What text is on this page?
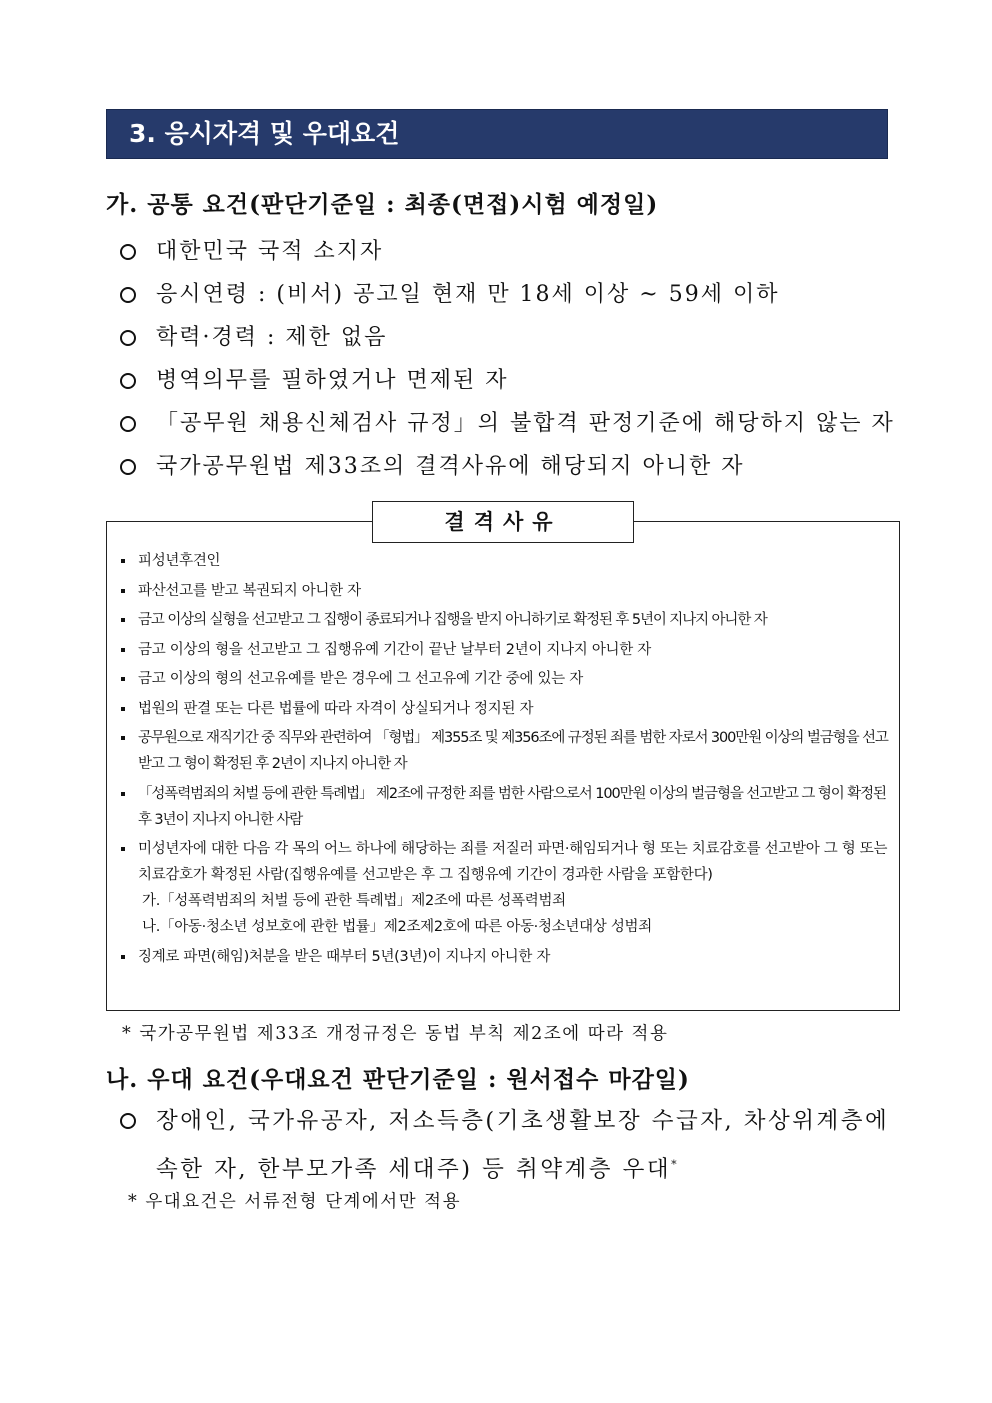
3. 응시자격 및 우대요건
가. 공통 요건(판단기준일 : 최종(면접)시험 예정일)
대한민국 국적 소지자
응시연령 : (비서) 공고일 현재 만 18세 이상 ~ 59세 이하
학력·경력 : 제한 없음
병역의무를 필하였거나 면제된 자
「공무원 채용신체검사 규정」의 불합격 판정기준에 해당하지 않는 자
국가공무원법 제33조의 결격사유에 해당되지 아니한 자
결격사유
피성년후견인
파산선고를 받고 복권되지 아니한 자
금고 이상의 실형을 선고받고 그 집행이 종료되거나 집행을 받지 아니하기로 확정된 후 5년이 지나지 아니한 자
금고 이상의 형을 선고받고 그 집행유예 기간이 끝난 날부터 2년이 지나지 아니한 자
금고 이상의 형의 선고유예를 받은 경우에 그 선고유예 기간 중에 있는 자
법원의 판결 또는 다른 법률에 따라 자격이 상실되거나 정지된 자
공무원으로 재직기간 중 직무와 관련하여 「형법」 제355조 및 제356조에 규정된 죄를 범한 자로서 300만원 이상의 벌금형을 선고받고 그 형이 확정된 후 2년이 지나지 아니한 자
「성폭력범죄의 처벌 등에 관한 특례법」 제2조에 규정한 죄를 범한 사람으로서 100만원 이상의 벌금형을 선고받고 그 형이 확정된 후 3년이 지나지 아니한 사람
미성년자에 대한 다음 각 목의 어느 하나에 해당하는 죄를 저질러 파면·해임되거나 형 또는 치료감호를 선고받아 그 형 또는 치료감호가 확정된 사람(집행유예를 선고받은 후 그 집행유예 기간이 경과한 사람을 포함한다)
가.「성폭력범죄의 처벌 등에 관한 특례법」제2조에 따른 성폭력범죄
나.「아동·청소년 성보호에 관한 법률」제2조제2호에 따른 아동·청소년대상 성범죄
징계로 파면(해임)처분을 받은 때부터 5년(3년)이 지나지 아니한 자
* 국가공무원법 제33조 개정규정은 동법 부칙 제2조에 따라 적용
나. 우대 요건(우대요건 판단기준일 : 원서접수 마감일)
장애인, 국가유공자, 저소득층(기초생활보장 수급자, 차상위계층에 속한 자, 한부모가족 세대주) 등 취약계층 우대*
* 우대요건은 서류전형 단계에서만 적용
